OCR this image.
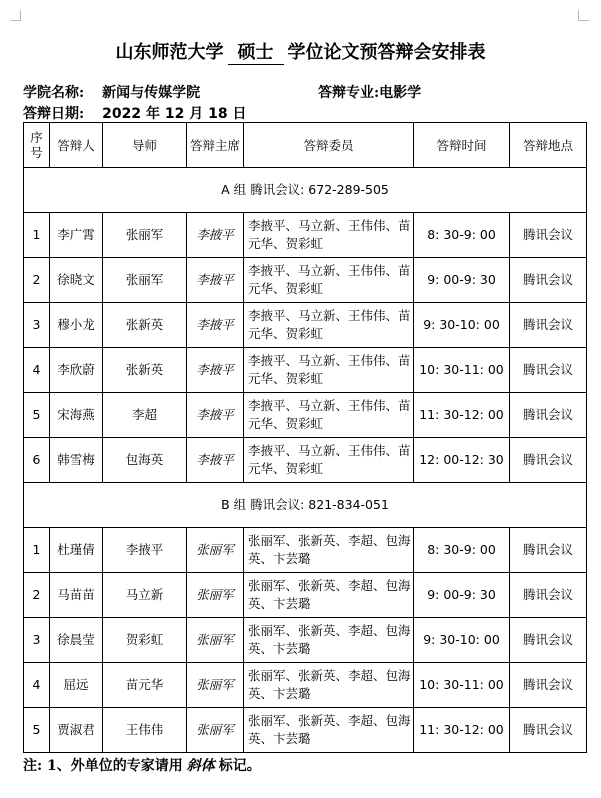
山东师范大学 硕士 学位论文预答辩会安排表
学院名称: 新闻与传媒学院	答辩专业:电影学
答辩日期: 2022 年 12 月 18 日
序号	答辩人	导师	答辩主席	答辩委员	答辩时间	答辩地点
A 组 腾讯会议: 672-289-505						
1	李广霄	张丽军	李掖平	李掖平、马立新、王伟伟、苗元华、贺彩虹	8: 30-9: 00	腾讯会议
2	徐晓文	张丽军	李掖平	李掖平、马立新、王伟伟、苗元华、贺彩虹	9: 00-9: 30	腾讯会议
3	穆小龙	张新英	李掖平	李掖平、马立新、王伟伟、苗元华、贺彩虹	9: 30-10: 00	腾讯会议
4	李欣蔚	张新英	李掖平	李掖平、马立新、王伟伟、苗元华、贺彩虹	10: 30-11: 00	腾讯会议
5	宋海燕	李超	李掖平	李掖平、马立新、王伟伟、苗元华、贺彩虹	11: 30-12: 00	腾讯会议
6	韩雪梅	包海英	李掖平	李掖平、马立新、王伟伟、苗元华、贺彩虹	12: 00-12: 30	腾讯会议
B 组 腾讯会议: 821-834-051						
1	杜瑾倩	李掖平	张丽军	张丽军、张新英、李超、包海英、卞芸璐	8: 30-9: 00	腾讯会议
2	马苗苗	马立新	张丽军	张丽军、张新英、李超、包海英、卞芸璐	9: 00-9: 30	腾讯会议
3	徐晨莹	贺彩虹	张丽军	张丽军、张新英、李超、包海英、卞芸璐	9: 30-10: 00	腾讯会议
4	屈远	苗元华	张丽军	张丽军、张新英、李超、包海英、卞芸璐	10: 30-11: 00	腾讯会议
5	贾淑君	王伟伟	张丽军	张丽军、张新英、李超、包海英、卞芸璐	11: 30-12: 00	腾讯会议
注: 1、外单位的专家请用 斜体 标记。
